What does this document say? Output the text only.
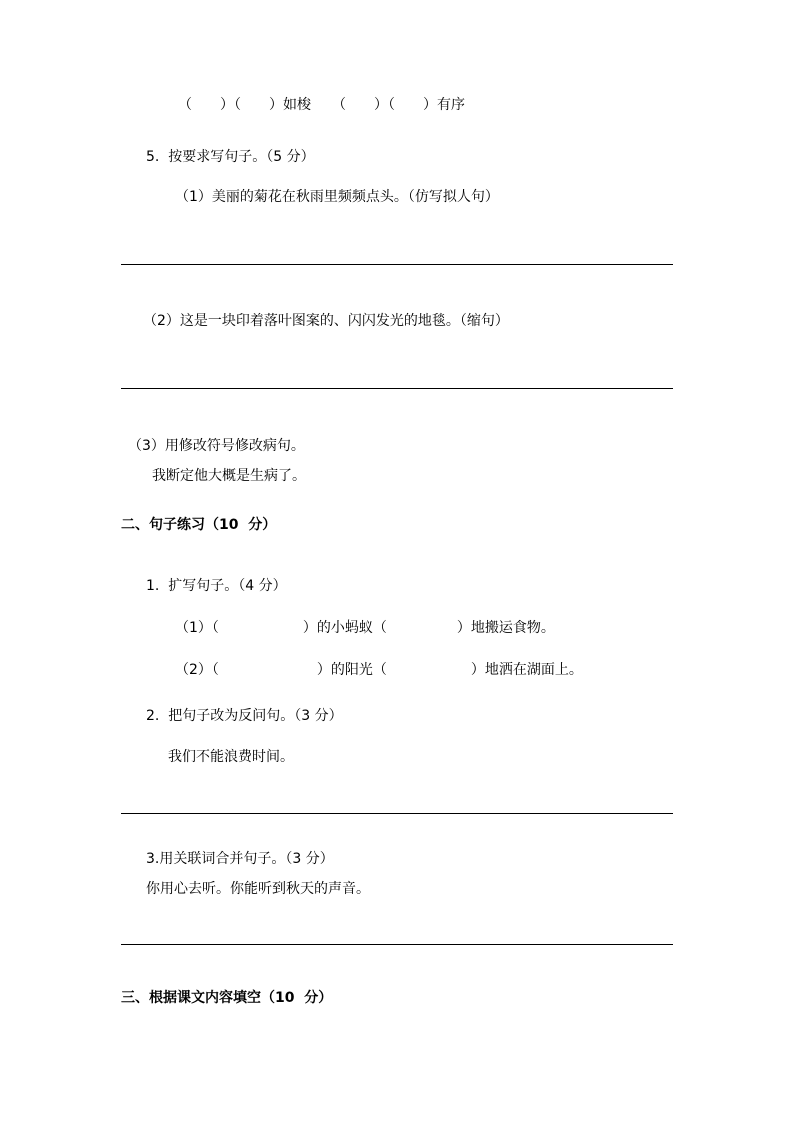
（　　）（　　）如梭　　（　　）（　　）有序
5.  按要求写句子。（5 分）
（1）美丽的菊花在秋雨里频频点头。（仿写拟人句）
（2）这是一块印着落叶图案的、闪闪发光的地毯。（缩句）
（3）用修改符号修改病句。
我断定他大概是生病了。
二、句子练习（10  分）
1.  扩写句子。（4 分）
（1）（　　　　　　）的小蚂蚁（　　　　　）地搬运食物。
（2）（　　　　　　　）的阳光（　　　　　　）地洒在湖面上。
2.  把句子改为反问句。（3 分）
我们不能浪费时间。
3.用关联词合并句子。（3 分）
你用心去听。你能听到秋天的声音。
三、根据课文内容填空（10  分）
